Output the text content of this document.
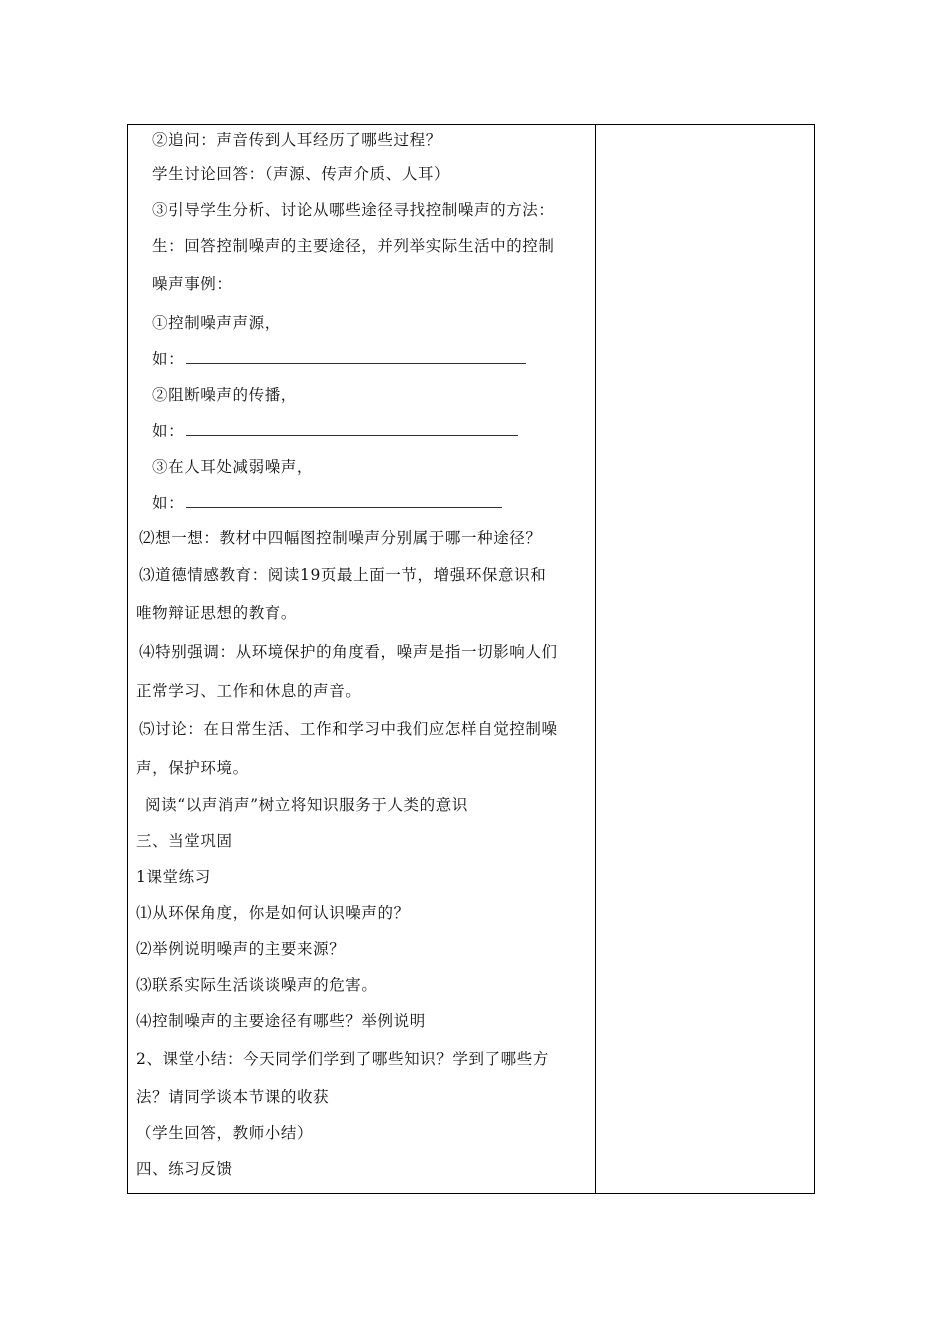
②追问：声音传到人耳经历了哪些过程？
学生讨论回答：（声源、传声介质、人耳）
③引导学生分析、讨论从哪些途径寻找控制噪声的方法：
生：回答控制噪声的主要途径，并列举实际生活中的控制
噪声事例：
①控制噪声声源，
如：
②阻断噪声的传播，
如：
③在人耳处减弱噪声，
如：
⑵想一想：教材中四幅图控制噪声分别属于哪一种途径？
⑶道德情感教育：阅读19页最上面一节，增强环保意识和
唯物辩证思想的教育。
⑷特别强调：从环境保护的角度看，噪声是指一切影响人们
正常学习、工作和休息的声音。
⑸讨论：在日常生活、工作和学习中我们应怎样自觉控制噪
声，保护环境。
阅读“以声消声”树立将知识服务于人类的意识
三、当堂巩固
1课堂练习
⑴从环保角度，你是如何认识噪声的？
⑵举例说明噪声的主要来源？
⑶联系实际生活谈谈噪声的危害。
⑷控制噪声的主要途径有哪些？举例说明
2、课堂小结：今天同学们学到了哪些知识？学到了哪些方
法？请同学谈本节课的收获
（学生回答，教师小结）
四、练习反馈
